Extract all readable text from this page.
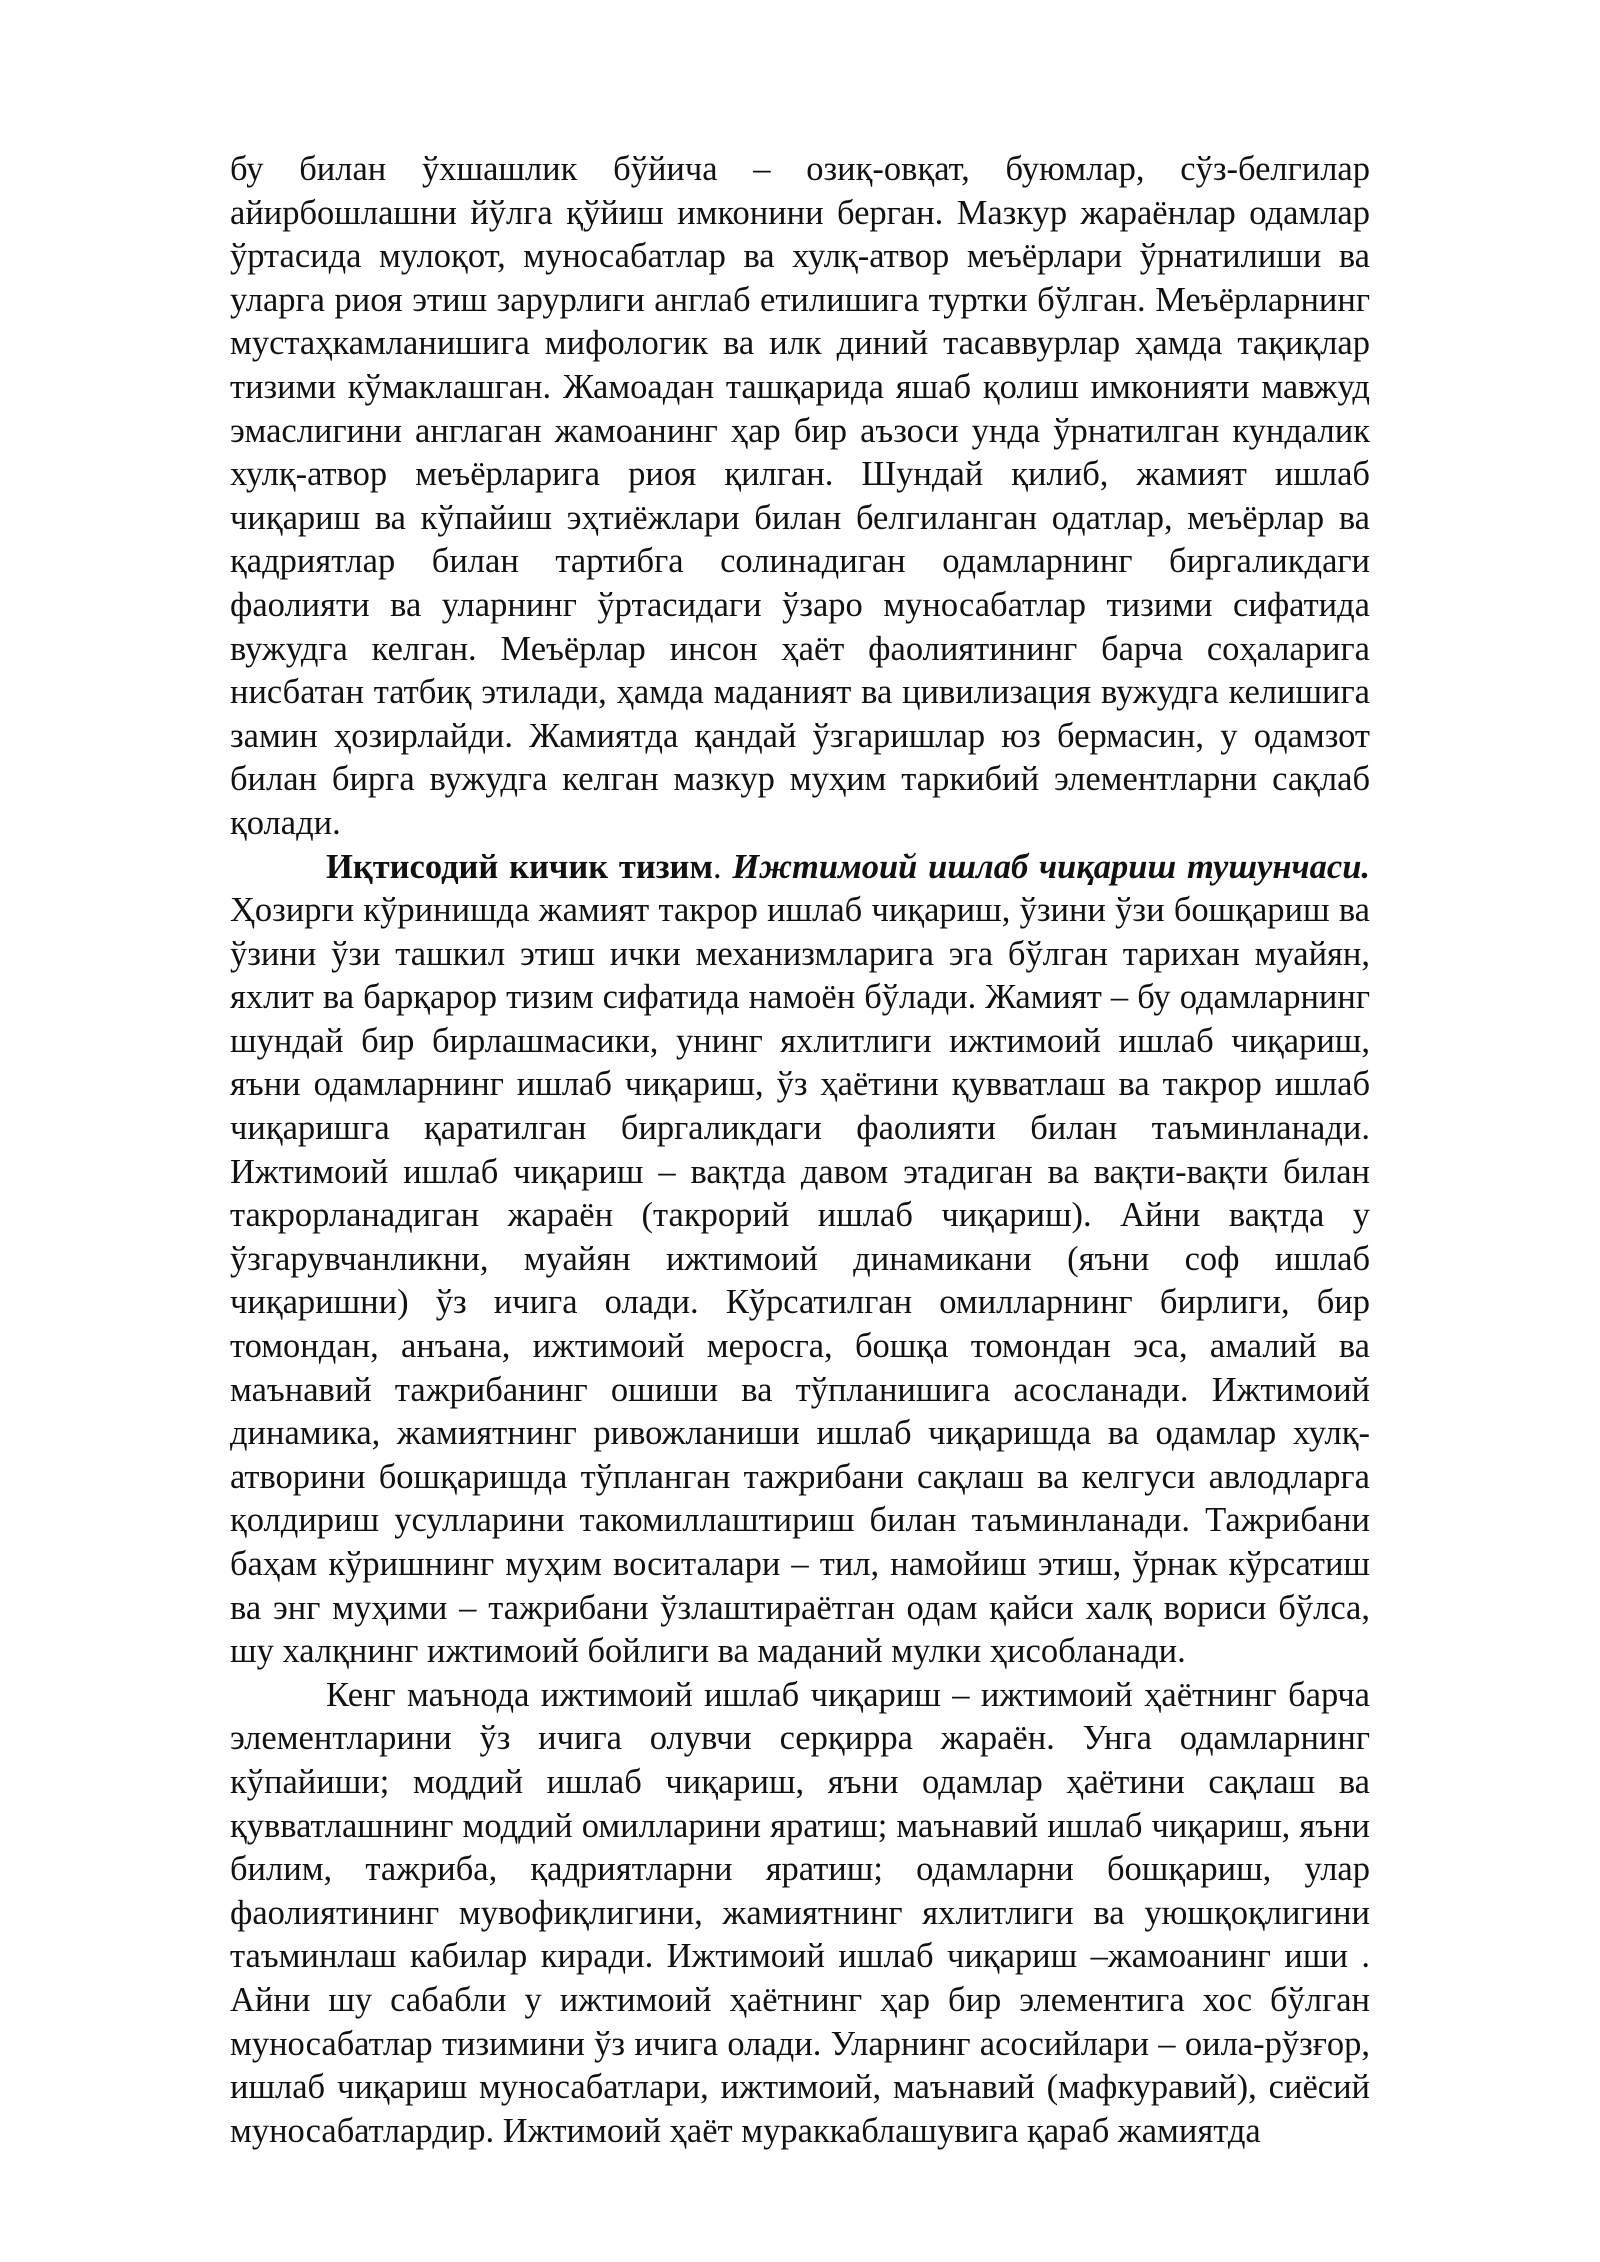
бу билан ўхшашлик бўйича – озиқ-овқат, буюмлар, сўз-белгилар айирбошлашни йўлга қўйиш имконини берган. Мазкур жараёнлар одамлар ўртасида мулоқот, муносабатлар ва хулқ-атвор меъёрлари ўрнатилиши ва уларга риоя этиш зарурлиги англаб етилишига туртки бўлган. Меъёрларнинг мустаҳкамланишига мифологик ва илк диний тасаввурлар ҳамда тақиқлар тизими кўмаклашган. Жамоадан ташқарида яшаб қолиш имконияти мавжуд эмаслигини англаган жамоанинг ҳар бир аъзоси унда ўрнатилган кундалик хулқ-атвор меъёрларига риоя қилган. Шундай қилиб, жамият ишлаб чиқариш ва кўпайиш эҳтиёжлари билан белгиланган одатлар, меъёрлар ва қадриятлар билан тартибга солинадиган одамларнинг биргаликдаги фаолияти ва уларнинг ўртасидаги ўзаро муносабатлар тизими сифатида вужудга келган. Меъёрлар инсон ҳаёт фаолиятининг барча соҳаларига нисбатан татбиқ этилади, ҳамда маданият ва цивилизация вужудга келишига замин ҳозирлайди. Жамиятда қандай ўзгаришлар юз бермасин, у одамзот билан бирга вужудга келган мазкур муҳим таркибий элементларни сақлаб қолади.

Иқтисодий кичик тизим. Ижтимоий ишлаб чиқариш тушунчаси. Ҳозирги кўринишда жамият такрор ишлаб чиқариш, ўзини ўзи бошқариш ва ўзини ўзи ташкил этиш ички механизмларига эга бўлган тарихан муайян, яхлит ва барқарор тизим сифатида намоён бўлади. Жамият – бу одамларнинг шундай бир бирлашмасики, унинг яхлитлиги ижтимоий ишлаб чиқариш, яъни одамларнинг ишлаб чиқариш, ўз ҳаётини қувватлаш ва такрор ишлаб чиқаришга қаратилган биргаликдаги фаолияти билан таъминланади. Ижтимоий ишлаб чиқариш – вақтда давом этадиган ва вақти-вақти билан такрорланадиган жараён (такрорий ишлаб чиқариш). Айни вақтда у ўзгарувчанликни, муайян ижтимоий динамикани (яъни соф ишлаб чиқаришни) ўз ичига олади. Кўрсатилган омилларнинг бирлиги, бир томондан, анъана, ижтимоий меросга, бошқа томондан эса, амалий ва маънавий тажрибанинг ошиши ва тўпланишига асосланади. Ижтимоий динамика, жамиятнинг ривожланиши ишлаб чиқаришда ва одамлар хулқ-атворини бошқаришда тўпланган тажрибани сақлаш ва келгуси авлодларга қолдириш усулларини такомиллаштириш билан таъминланади. Тажрибани баҳам кўришнинг муҳим воситалари – тил, намойиш этиш, ўрнак кўрсатиш ва энг муҳими – тажрибани ўзлаштираётган одам қайси халқ вориси бўлса, шу халқнинг ижтимоий бойлиги ва маданий мулки ҳисобланади.

Кенг маънода ижтимоий ишлаб чиқариш – ижтимоий ҳаётнинг барча элементларини ўз ичига олувчи серқирра жараён. Унга одамларнинг кўпайиши; моддий ишлаб чиқариш, яъни одамлар ҳаётини сақлаш ва қувватлашнинг моддий омилларини яратиш; маънавий ишлаб чиқариш, яъни билим, тажриба, қадриятларни яратиш; одамларни бошқариш, улар фаолиятининг мувофиқлигини, жамиятнинг яхлитлиги ва уюшқоқлигини таъминлаш кабилар киради. Ижтимоий ишлаб чиқариш –жамоанинг иши . Айни шу сабабли у ижтимоий ҳаётнинг ҳар бир элементига хос бўлган муносабатлар тизимини ўз ичига олади. Уларнинг асосийлари – оила-рўзғор, ишлаб чиқариш муносабатлари, ижтимоий, маънавий (мафкуравий), сиёсий муносабатлардир. Ижтимоий ҳаёт мураккаблашувига қараб жамиятда
